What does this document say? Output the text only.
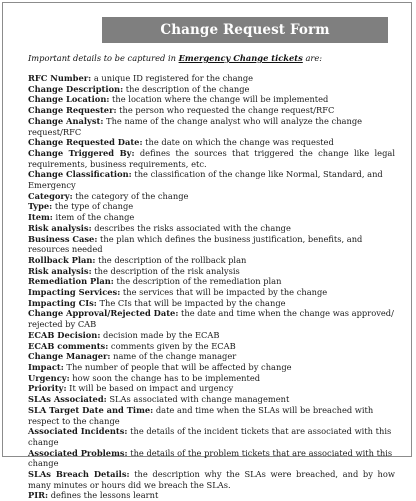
Change Request Form
Important details to be captured in Emergency Change tickets are:

RFC Number: a unique ID registered for the change

Change Description: the description of the change

Change Location: the location where the change will be implemented

Change Requester: the person who requested the change request/RFC

Change Analyst: The name of the change analyst who will analyze the change request/RFC

Change Requested Date: the date on which the change was requested

Change Triggered By: defines the sources that triggered the change like legal requirements, business requirements, etc.

Change Classification: the classification of the change like Normal, Standard, and Emergency

Category: the category of the change

Type: the type of change

Item: item of the change

Risk analysis: describes the risks associated with the change

Business Case: the plan which defines the business justification, benefits, and resources needed

Rollback Plan: the description of the rollback plan

Risk analysis: the description of the risk analysis

Remediation Plan: the description of the remediation plan

Impacting Services: the services that will be impacted by the change

Impacting CIs: The CIs that will be impacted by the change

Change Approval/Rejected Date: the date and time when the change was approved/ rejected by CAB

ECAB Decision: decision made by the ECAB

ECAB comments: comments given by the ECAB

Change Manager: name of the change manager

Impact: The number of people that will be affected by change

Urgency: how soon the change has to be implemented

Priority: It will be based on impact and urgency

SLAs Associated: SLAs associated with change management

SLA Target Date and Time: date and time when the SLAs will be breached with respect to the change

Associated Incidents: the details of the incident tickets that are associated with this change

Associated Problems: the details of the problem tickets that are associated with this change

SLAs Breach Details: the description why the SLAs were breached, and by how many minutes or hours did we breach the SLAs.

PIR: defines the lessons learnt
